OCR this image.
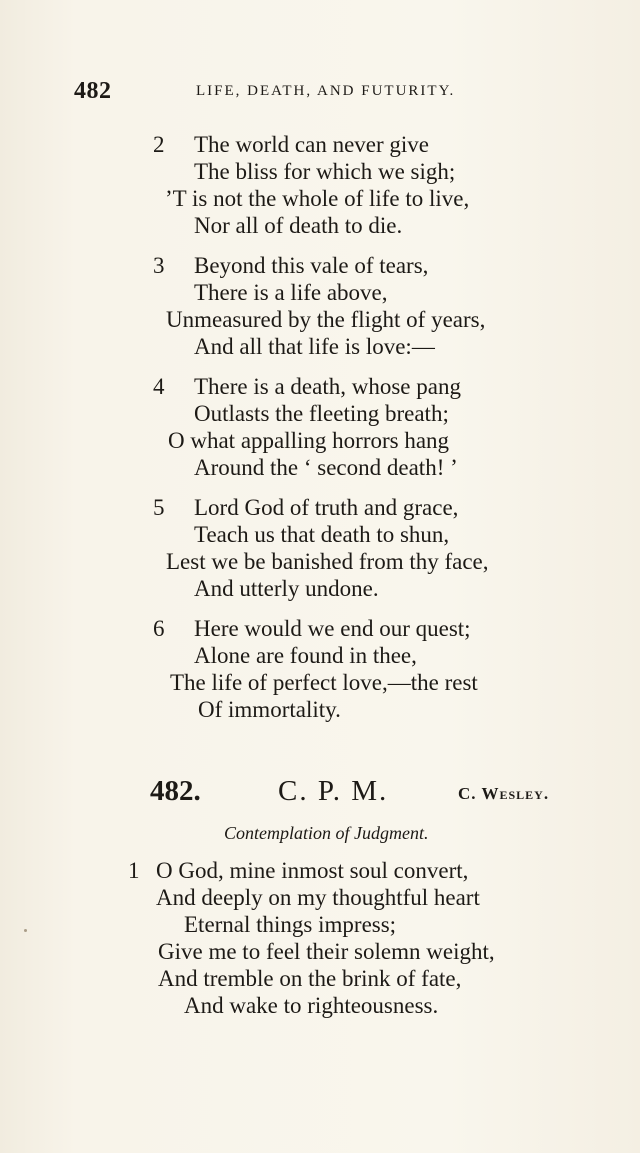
482	LIFE, DEATH, AND FUTURITY.
2 The world can never give
The bliss for which we sigh;
’T is not the whole of life to live,
Nor all of death to die.
3 Beyond this vale of tears,
There is a life above,
Unmeasured by the flight of years,
And all that life is love:—
4 There is a death, whose pang
Outlasts the fleeting breath;
O what appalling horrors hang
Around the ‘ second death! ’
5 Lord God of truth and grace,
Teach us that death to shun,
Lest we be banished from thy face,
And utterly undone.
6 Here would we end our quest;
Alone are found in thee,
The life of perfect love,—the rest
Of immortality.
482.	C. P. M.	C. Wesley.
Contemplation of Judgment.
1 O God, mine inmost soul convert,
And deeply on my thoughtful heart
Eternal things impress;
Give me to feel their solemn weight,
And tremble on the brink of fate,
And wake to righteousness.
